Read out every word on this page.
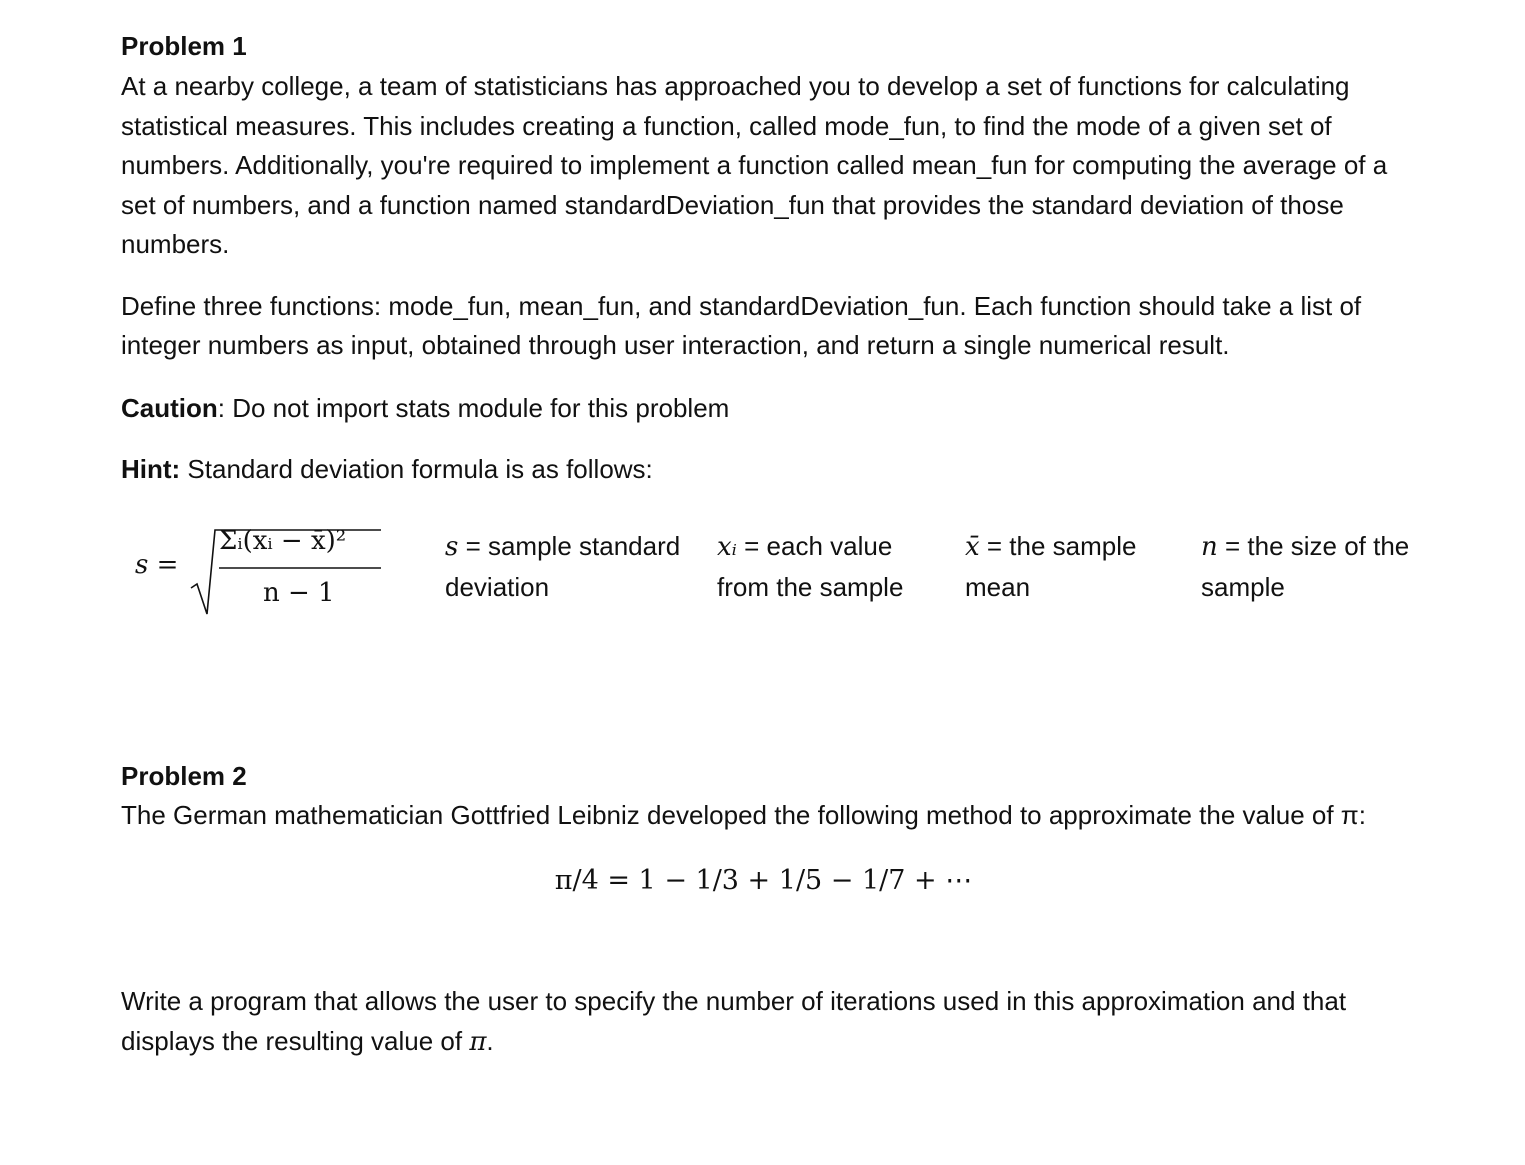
Problem 1

At a nearby college, a team of statisticians has approached you to develop a set of functions for calculating statistical measures. This includes creating a function, called mode_fun, to find the mode of a given set of numbers. Additionally, you're required to implement a function called mean_fun for computing the average of a set of numbers, and a function named standardDeviation_fun that provides the standard deviation of those numbers.

Define three functions: mode_fun, mean_fun, and standardDeviation_fun. Each function should take a list of integer numbers as input, obtained through user interaction, and return a single numerical result.

Caution: Do not import stats module for this problem

Hint: Standard deviation formula is as follows:

s =
Σᵢ(xᵢ − x̄)²
n − 1
s = sample standard deviation
xᵢ = each value from the sample
x̄ = the sample mean
n = the size of the sample

Problem 2

The German mathematician Gottfried Leibniz developed the following method to approximate the value of π:

π/4 = 1 − 1/3 + 1/5 − 1/7 + ⋯

Write a program that allows the user to specify the number of iterations used in this approximation and that displays the resulting value of π.
